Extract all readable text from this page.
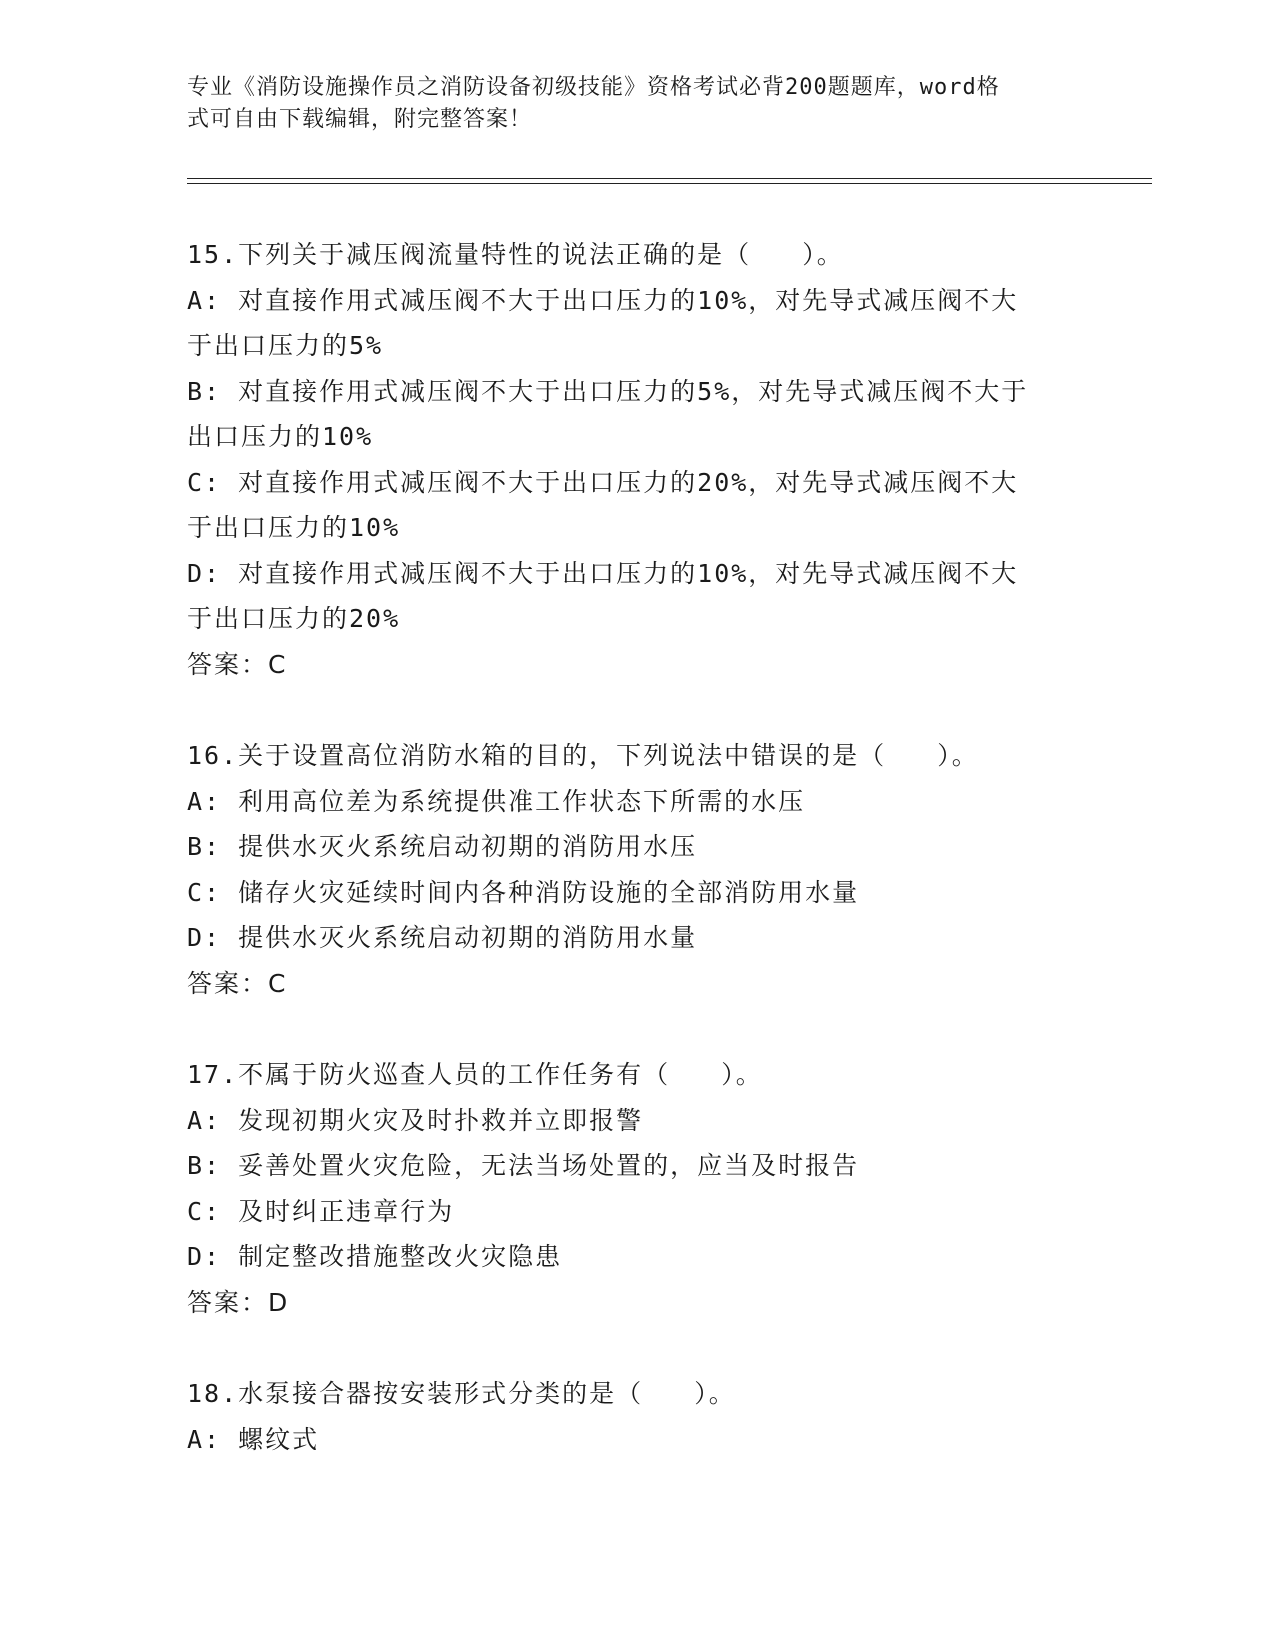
专业《消防设施操作员之消防设备初级技能》资格考试必背200题题库，word格
式可自由下载编辑，附完整答案！
15.下列关于减压阀流量特性的说法正确的是（   ）。
A: 对直接作用式减压阀不大于出口压力的10%，对先导式减压阀不大
于出口压力的5%
B: 对直接作用式减压阀不大于出口压力的5%，对先导式减压阀不大于
出口压力的10%
C: 对直接作用式减压阀不大于出口压力的20%，对先导式减压阀不大
于出口压力的10%
D: 对直接作用式减压阀不大于出口压力的10%，对先导式减压阀不大
于出口压力的20%
答案：C
16.关于设置高位消防水箱的目的，下列说法中错误的是（   ）。
A: 利用高位差为系统提供准工作状态下所需的水压
B: 提供水灭火系统启动初期的消防用水压
C: 储存火灾延续时间内各种消防设施的全部消防用水量
D: 提供水灭火系统启动初期的消防用水量
答案：C
17.不属于防火巡查人员的工作任务有（   ）。
A: 发现初期火灾及时扑救并立即报警
B: 妥善处置火灾危险，无法当场处置的，应当及时报告
C: 及时纠正违章行为
D: 制定整改措施整改火灾隐患
答案：D
18.水泵接合器按安装形式分类的是（   ）。
A: 螺纹式
